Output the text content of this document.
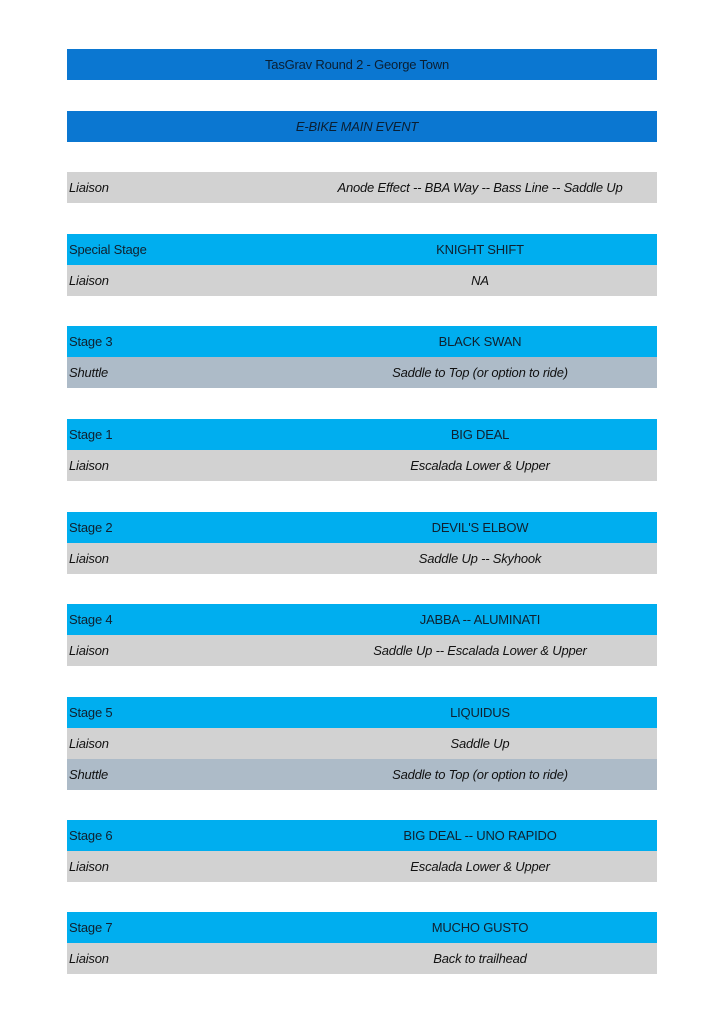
TasGrav Round 2 - George Town
E-BIKE MAIN EVENT
Liaison	Anode Effect -- BBA Way -- Bass Line -- Saddle Up
Special Stage	KNIGHT SHIFT
Liaison	NA
Stage 3	BLACK SWAN
Shuttle	Saddle to Top (or option to ride)
Stage 1	BIG DEAL
Liaison	Escalada Lower & Upper
Stage 2	DEVIL'S ELBOW
Liaison	Saddle Up -- Skyhook
Stage 4	JABBA -- ALUMINATI
Liaison	Saddle Up -- Escalada Lower & Upper
Stage 5	LIQUIDUS
Liaison	Saddle Up
Shuttle	Saddle to Top (or option to ride)
Stage 6	BIG DEAL -- UNO RAPIDO
Liaison	Escalada Lower & Upper
Stage 7	MUCHO GUSTO
Liaison	Back to trailhead
